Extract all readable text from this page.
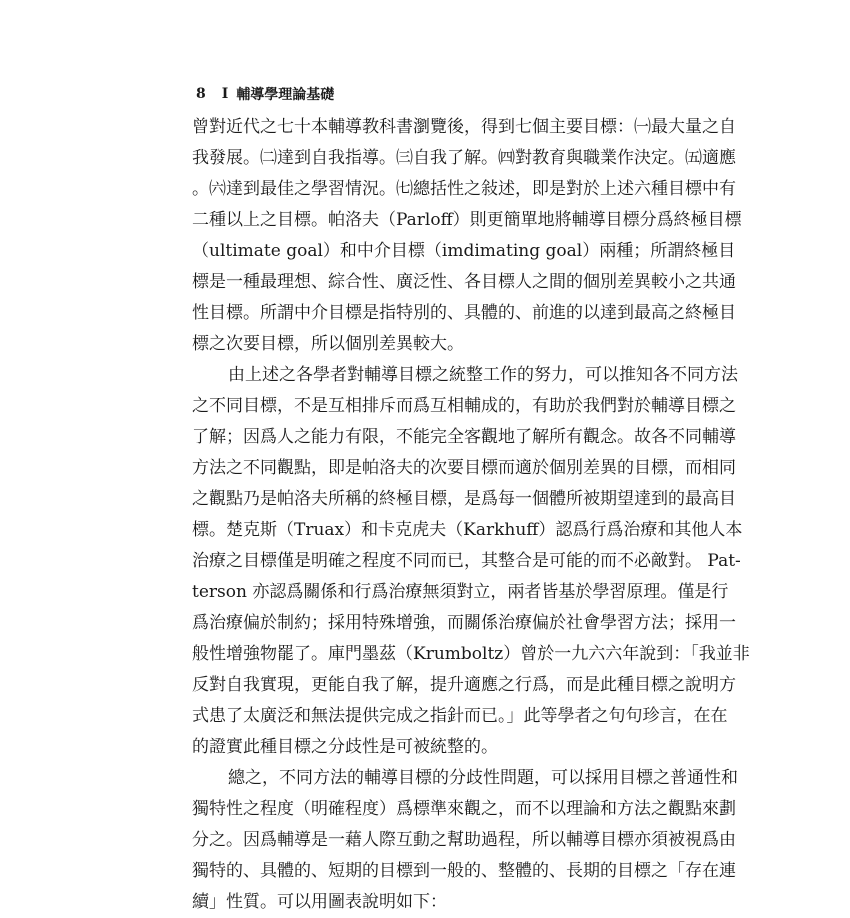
8 I 輔導學理論基礎
曾對近代之七十本輔導教科書瀏覽後，得到七個主要目標：㈠最大量之自
我發展。㈡達到自我指導。㈢自我了解。㈣對教育與職業作決定。㈤適應
。㈥達到最佳之學習情況。㈦總括性之敍述，即是對於上述六種目標中有
二種以上之目標。帕洛夫（Parloff）則更簡單地將輔導目標分爲終極目標
（ultimate goal）和中介目標（imdimating goal）兩種；所謂終極目
標是一種最理想、綜合性、廣泛性、各目標人之間的個別差異較小之共通
性目標。所謂中介目標是指特別的、具體的、前進的以達到最高之終極目
標之次要目標，所以個別差異較大。
由上述之各學者對輔導目標之統整工作的努力，可以推知各不同方法
之不同目標，不是互相排斥而爲互相輔成的，有助於我們對於輔導目標之
了解；因爲人之能力有限，不能完全客觀地了解所有觀念。故各不同輔導
方法之不同觀點，即是帕洛夫的次要目標而適於個別差異的目標，而相同
之觀點乃是帕洛夫所稱的終極目標，是爲每一個體所被期望達到的最高目
標。楚克斯（Truax）和卡克虎夫（Karkhuff）認爲行爲治療和其他人本
治療之目標僅是明確之程度不同而已，其整合是可能的而不必敵對。 Pat-
terson 亦認爲關係和行爲治療無須對立，兩者皆基於學習原理。僅是行
爲治療偏於制約；採用特殊增強，而關係治療偏於社會學習方法；採用一
般性增強物罷了。庫門墨茲（Krumboltz）曾於一九六六年說到：「我並非
反對自我實現，更能自我了解，提升適應之行爲，而是此種目標之說明方
式患了太廣泛和無法提供完成之指針而已。」此等學者之句句珍言，在在
的證實此種目標之分歧性是可被統整的。
總之，不同方法的輔導目標的分歧性問題，可以採用目標之普通性和
獨特性之程度（明確程度）爲標準來觀之，而不以理論和方法之觀點來劃
分之。因爲輔導是一藉人際互動之幫助過程，所以輔導目標亦須被視爲由
獨特的、具體的、短期的目標到一般的、整體的、長期的目標之「存在連
續」性質。可以用圖表說明如下：
